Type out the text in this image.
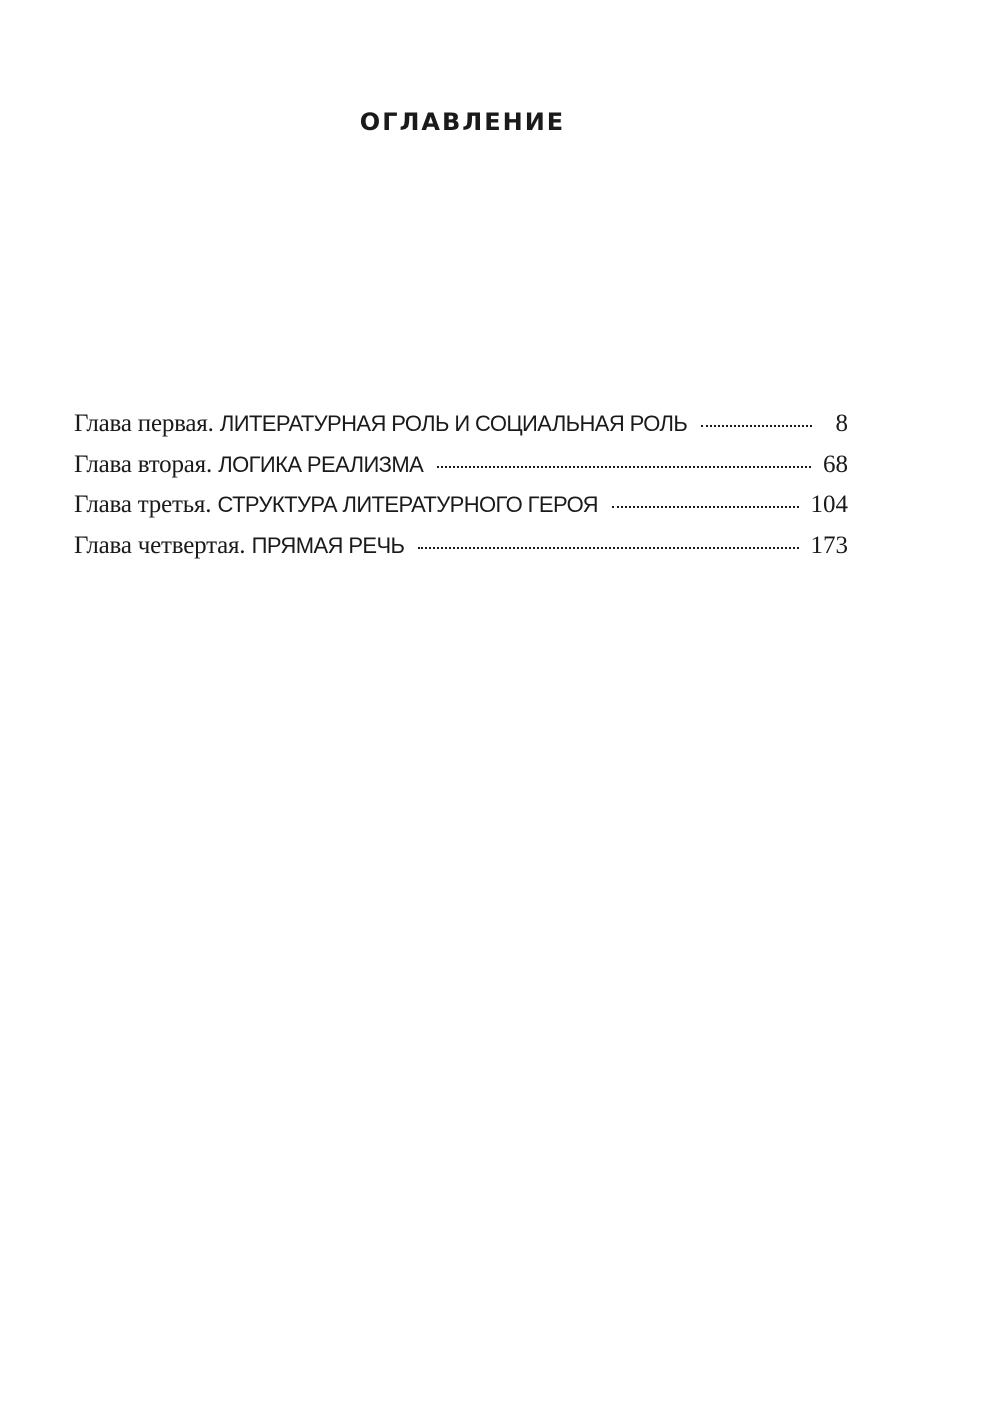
ОГЛАВЛЕНИЕ
Глава первая. ЛИТЕРАТУРНАЯ РОЛЬ И СОЦИАЛЬНАЯ РОЛЬ	8
Глава вторая. ЛОГИКА РЕАЛИЗМА	68
Глава третья. СТРУКТУРА ЛИТЕРАТУРНОГО ГЕРОЯ	104
Глава четвертая. ПРЯМАЯ РЕЧЬ	173
